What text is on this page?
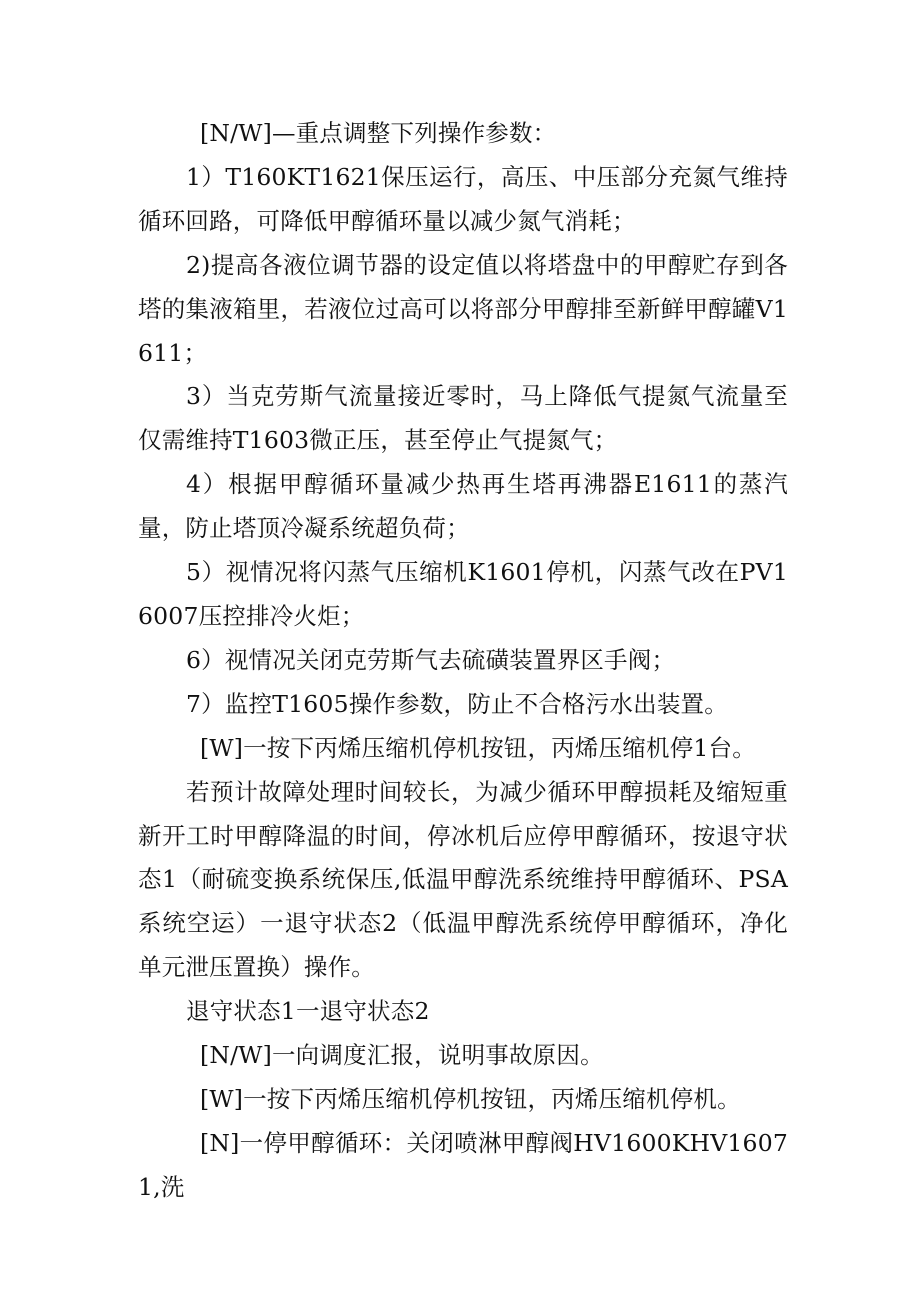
[N/W]—重点调整下列操作参数：

1）T160KT1621保压运行，高压、中压部分充氮气维持循环回路，可降低甲醇循环量以减少氮气消耗；

2)提高各液位调节器的设定值以将塔盘中的甲醇贮存到各塔的集液箱里，若液位过高可以将部分甲醇排至新鲜甲醇罐V1611；

3）当克劳斯气流量接近零时，马上降低气提氮气流量至仅需维持T1603微正压，甚至停止气提氮气；

4）根据甲醇循环量减少热再生塔再沸器E1611的蒸汽量，防止塔顶冷凝系统超负荷；

5）视情况将闪蒸气压缩机K1601停机，闪蒸气改在PV16007压控排冷火炬；

6）视情况关闭克劳斯气去硫磺装置界区手阀；

7）监控T1605操作参数，防止不合格污水出装置。

[W]一按下丙烯压缩机停机按钮，丙烯压缩机停1台。

若预计故障处理时间较长，为减少循环甲醇损耗及缩短重新开工时甲醇降温的时间，停冰机后应停甲醇循环，按退守状态1（耐硫变换系统保压,低温甲醇洗系统维持甲醇循环、PSA系统空运）一退守状态2（低温甲醇洗系统停甲醇循环，净化单元泄压置换）操作。

退守状态1一退守状态2

[N/W]一向调度汇报，说明事故原因。

[W]一按下丙烯压缩机停机按钮，丙烯压缩机停机。

[N]一停甲醇循环：关闭喷淋甲醇阀HV1600KHV16071,洗
